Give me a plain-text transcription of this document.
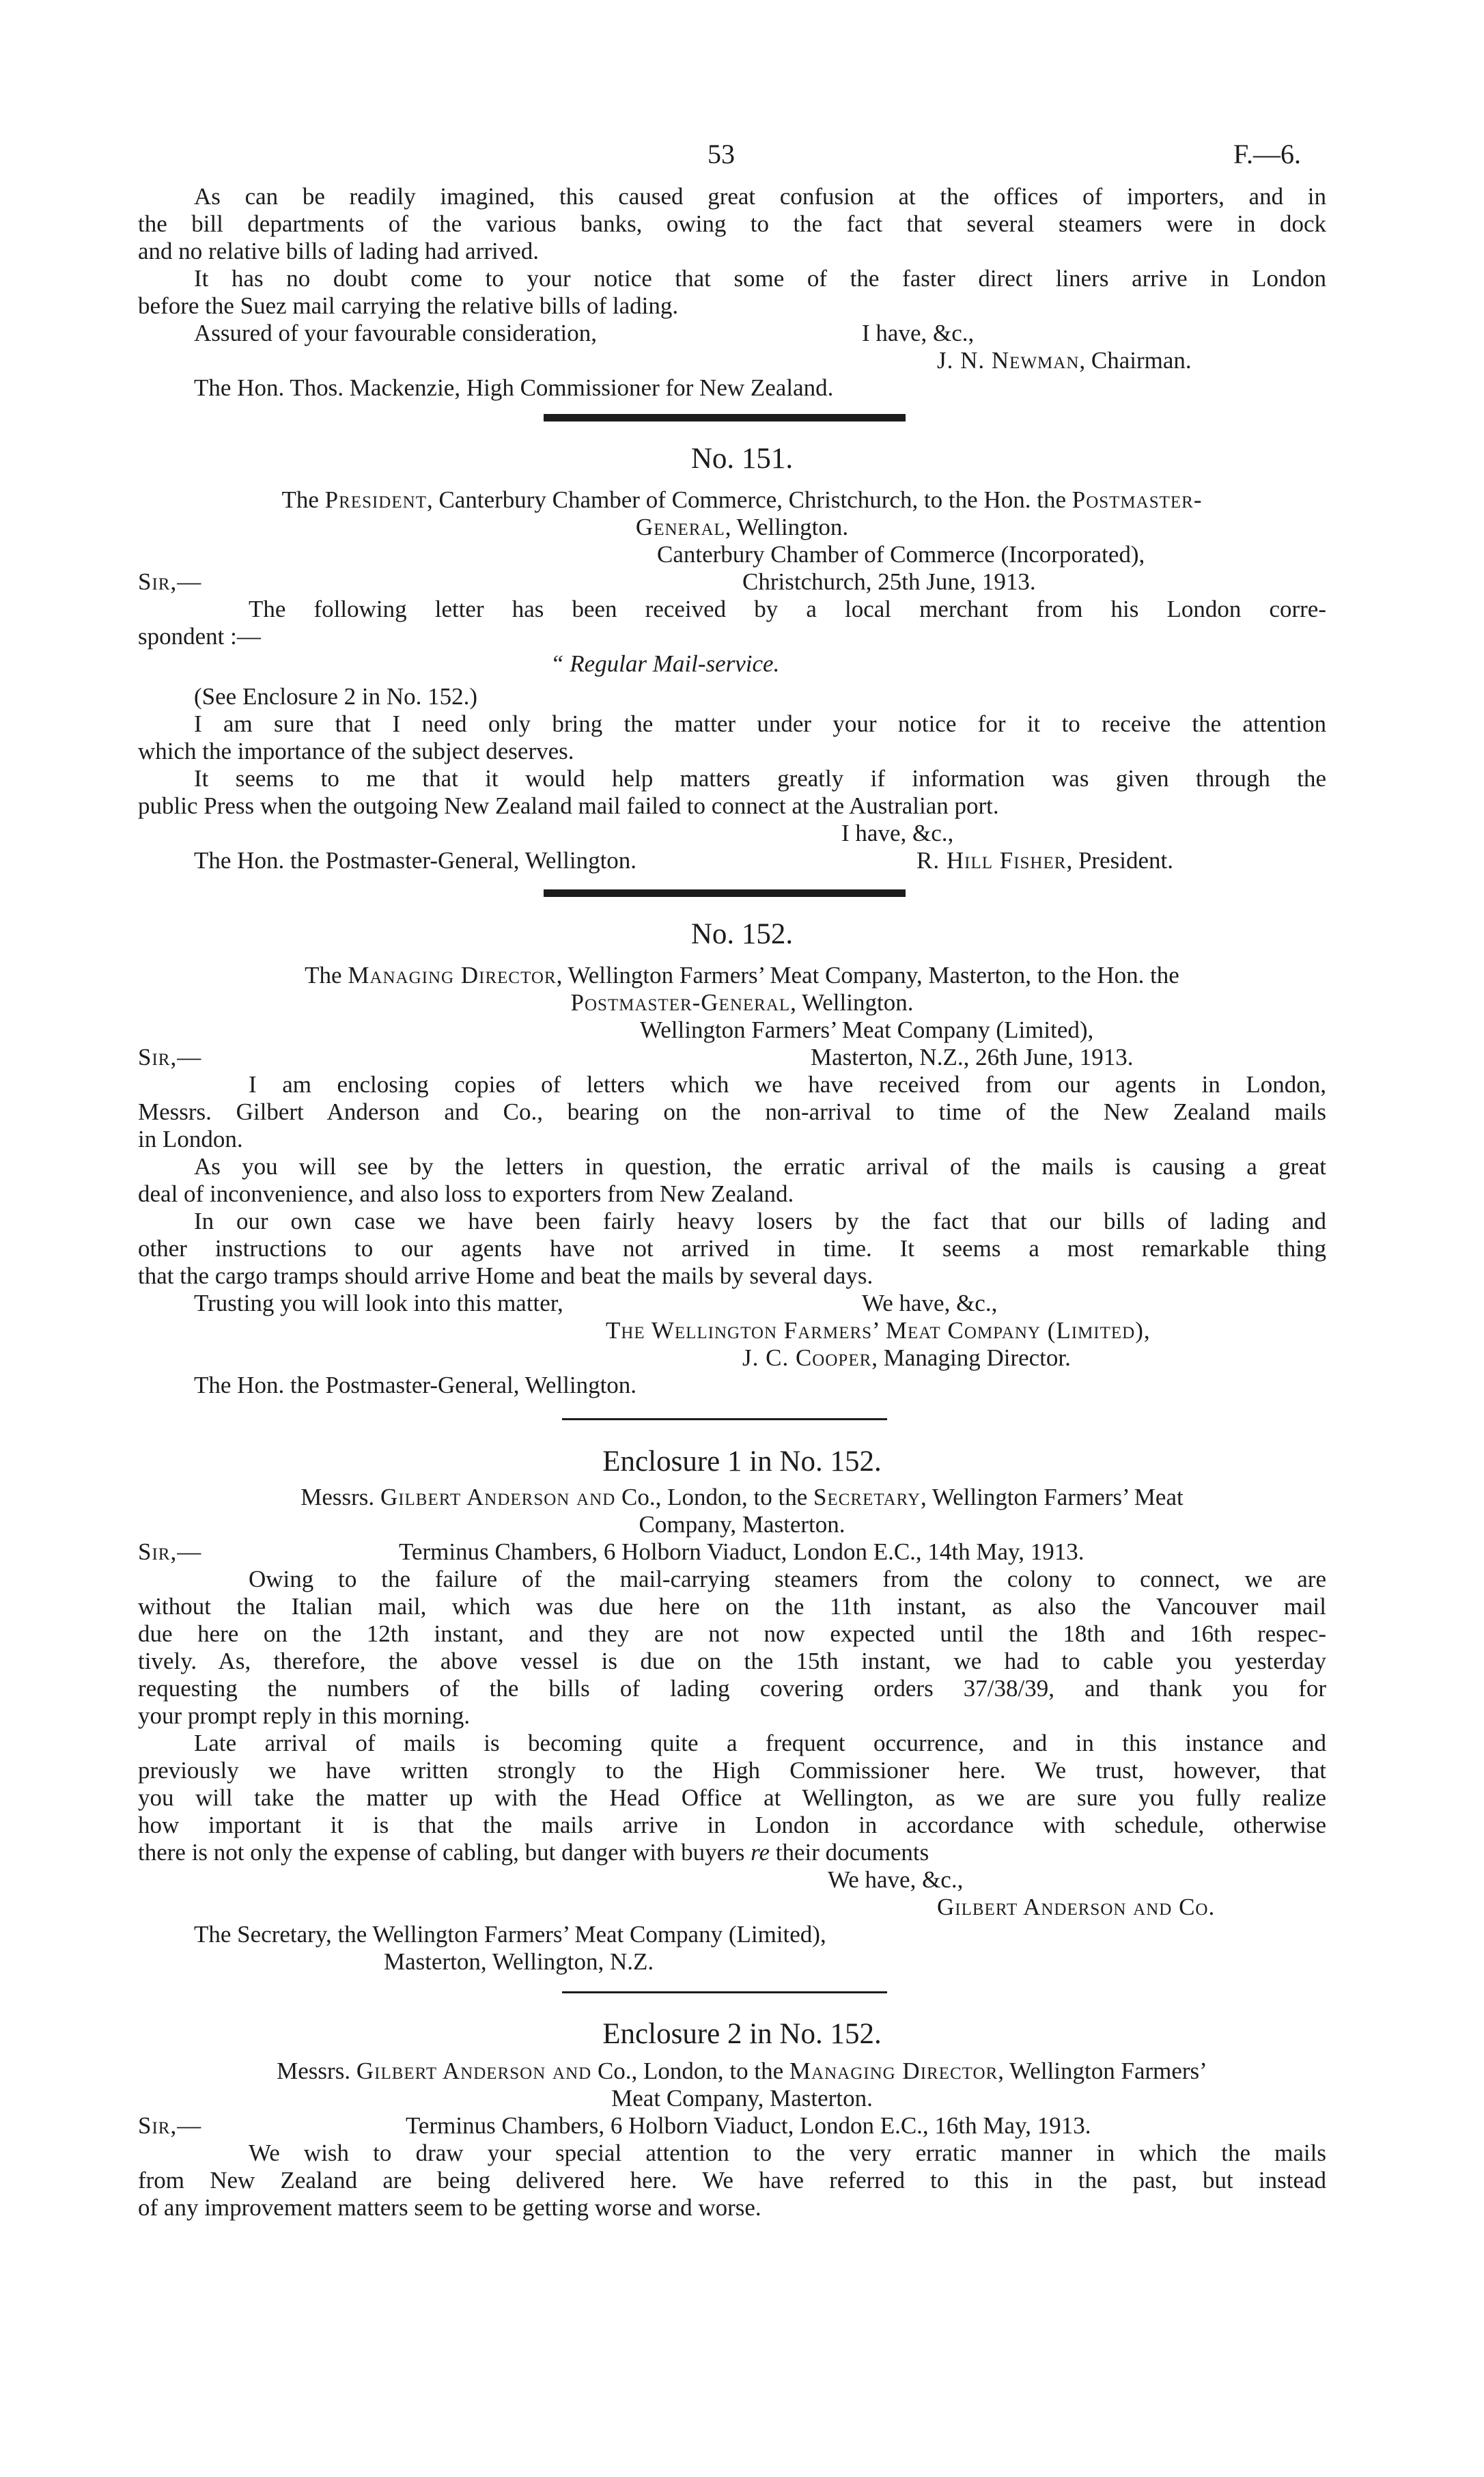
53	F.—6.
As can be readily imagined, this caused great confusion at the offices of importers, and in
the bill departments of the various banks, owing to the fact that several steamers were in dock
and no relative bills of lading had arrived.
It has no doubt come to your notice that some of the faster direct liners arrive in London
before the Suez mail carrying the relative bills of lading.
Assured of your favourable consideration,	I have, &c.,
J. N. Newman, Chairman.
The Hon. Thos. Mackenzie, High Commissioner for New Zealand.
No. 151.
The President, Canterbury Chamber of Commerce, Christchurch, to the Hon. the Postmaster-
General, Wellington.
Canterbury Chamber of Commerce (Incorporated),
Sir,—	Christchurch, 25th June, 1913.
The following letter has been received by a local merchant from his London corre-
spondent :—
“ Regular Mail-service.
(See Enclosure 2 in No. 152.)
I am sure that I need only bring the matter under your notice for it to receive the attention
which the importance of the subject deserves.
It seems to me that it would help matters greatly if information was given through the
public Press when the outgoing New Zealand mail failed to connect at the Australian port.
I have, &c.,
The Hon. the Postmaster-General, Wellington.	R. Hill Fisher, President.
No. 152.
The Managing Director, Wellington Farmers’ Meat Company, Masterton, to the Hon. the
Postmaster-General, Wellington.
Wellington Farmers’ Meat Company (Limited),
Sir,—	Masterton, N.Z., 26th June, 1913.
I am enclosing copies of letters which we have received from our agents in London,
Messrs. Gilbert Anderson and Co., bearing on the non-arrival to time of the New Zealand mails
in London.
As you will see by the letters in question, the erratic arrival of the mails is causing a great
deal of inconvenience, and also loss to exporters from New Zealand.
In our own case we have been fairly heavy losers by the fact that our bills of lading and
other instructions to our agents have not arrived in time. It seems a most remarkable thing
that the cargo tramps should arrive Home and beat the mails by several days.
Trusting you will look into this matter,	We have, &c.,
The Wellington Farmers’ Meat Company (Limited),
J. C. Cooper, Managing Director.
The Hon. the Postmaster-General, Wellington.
Enclosure 1 in No. 152.
Messrs. Gilbert Anderson and Co., London, to the Secretary, Wellington Farmers’ Meat
Company, Masterton.
Sir,—	Terminus Chambers, 6 Holborn Viaduct, London E.C., 14th May, 1913.
Owing to the failure of the mail-carrying steamers from the colony to connect, we are
without the Italian mail, which was due here on the 11th instant, as also the Vancouver mail
due here on the 12th instant, and they are not now expected until the 18th and 16th respec-
tively. As, therefore, the above vessel is due on the 15th instant, we had to cable you yesterday
requesting the numbers of the bills of lading covering orders 37/38/39, and thank you for
your prompt reply in this morning.
Late arrival of mails is becoming quite a frequent occurrence, and in this instance and
previously we have written strongly to the High Commissioner here. We trust, however, that
you will take the matter up with the Head Office at Wellington, as we are sure you fully realize
how important it is that the mails arrive in London in accordance with schedule, otherwise
there is not only the expense of cabling, but danger with buyers re their documents
We have, &c.,
Gilbert Anderson and Co.
The Secretary, the Wellington Farmers’ Meat Company (Limited),
Masterton, Wellington, N.Z.
Enclosure 2 in No. 152.
Messrs. Gilbert Anderson and Co., London, to the Managing Director, Wellington Farmers’
Meat Company, Masterton.
Sir,—	Terminus Chambers, 6 Holborn Viaduct, London E.C., 16th May, 1913.
We wish to draw your special attention to the very erratic manner in which the mails
from New Zealand are being delivered here. We have referred to this in the past, but instead
of any improvement matters seem to be getting worse and worse.
